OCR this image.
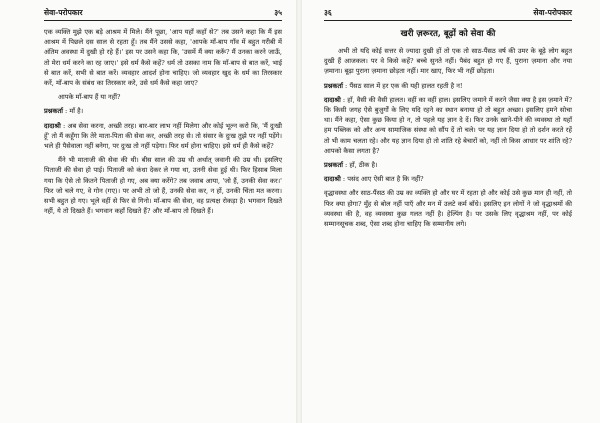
सेवा-परोपकार	३५

एक व्यक्ति मुझे एक बड़े आश्रम में मिले। मैंने पूछा, 'आप यहाँ कहाँ से?' तब उसने कहा कि मैं इस आश्रम में पिछले दस साल से रहता हूँ। तब मैंने उससे कहा, 'आपके माँ-बाप गाँव में बहुत गरीबी में अंतिम अवस्था में दुखी हो रहे हैं।' इस पर उसने कहा कि, 'उसमें मैं क्या करूँ? मैं उनका करने जाऊँ, तो मेरा धर्म करने का रह जाए।' इसे धर्म कैसे कहें? धर्म तो उसका नाम कि माँ-बाप से बात करें, भाई से बात करें, सभी से बात करें। व्यवहार आदर्श होना चाहिए। जो व्यवहार खुद के धर्म का तिरस्कार करें, माँ-बाप के संबंध का तिरस्कार करे, उसे धर्म कैसे कहा जाए?

आपके माँ-बाप हैं या नहीं?

प्रश्नकर्ता : माँ है।

दादाश्री : अब सेवा करना, अच्छी तरह। बार-बार लाभ नहीं मिलेगा और कोई भूल्न करो कि, 'मैं दुःखी हूँ' तो मैं कहूँगा कि तेरे माता-पिता की सेवा कर, अच्छी तरह से। तो संसार के दुःख तुझे पर नहीं पड़ेंगे। भले ही पैसेवाला नहीं बनेगा, पर दुःख तो नहीं पड़ेगा। फिर धर्म होना चाहिए। इसे धर्म ही कैसे कहें?

मैंने भी माताजी की सेवा की थी। बीस साल की उम्र थी अर्थात् जवानी की उम्र थी। इसलिए पिताजी की सेवा हो पाई। पिताजी को कंधा देकर ले गया था, उतनी सेवा हुई थी। फिर हिसाब मिला गया कि ऐसे तो कितने पिताजी हो गए, अब क्या करेंगे? तब जवाब आया, 'जो हैं, उनकी सेवा कर।' फिर जो चले गए, वे गोन (गए)। पर अभी तो जो हैं, उनकी सेवा कर, न हों, उनकी चिंता मत करना। सभी बहुत हो गए। भूले वहीं से फिर से गिनो। माँ-बाप की सेवा, वह प्रत्यक्ष रोकड़ा है। भगवान दिखते नहीं, ये तो दिखते हैं। भगवान कहाँ दिखते हैं? और माँ-बाप तो दिखते हैं।

३६	सेवा-परोपकार
खरी ज़रूरत, बूढ़ों को सेवा की

अभी तो यदि कोई सत्तर से ज्यादा दुखी हों तो एक तो साठ-पैंसठ वर्ष की उमर के बूढ़े लोग बहुत दुखी हैं आजकल। पर वे किसे कहें? बच्चे सुनते नहीं। पैबंद बहुत हो गए हैं, पुराना ज़माना और नया ज़माना। बूढ़ा पुराना ज़माना छोड़ता नहीं। मार खाए, फिर भी नहीं छोड़ता।

प्रश्नकर्ता : पैंसठ साल में हर एक की यही हालत रहती है न!

दादाश्री : हाँ, वैसी की वैसी हालत। वहीं का वहीं हाल। इसलिए जमाने में करने जैसा क्या है इस ज़माने में? कि किसी जगह ऐसे बुजुर्गों के लिए यदि रहने का स्थान बनाया हो तो बहुत अच्छा। इसलिए हमने सोचा था। मैंने कहा, ऐसा कुछ किया हो न, तो पहले यह ज्ञान दे दें। फिर उनके खाने-पीने की व्यवस्था तो यहाँ हम पब्लिक को और अन्य सामाजिक संस्था को सौंप दें तो चले। पर यह ज्ञान दिया हो तो दर्शन करते रहें तो भी काम चलता रहे। और यह ज्ञान दिया हो तो शांति रहे बेचारों को, नहीं तो किस आधार पर शांति रहे? आपको कैसा लगता है?

प्रश्नकर्ता : हाँ, ठीक है।

दादाश्री : पसंद आए ऐसी बात है कि नहीं?

वृद्धावस्था और साठ-पैंसठ की उम्र का व्यक्ति हो और घर में रहता हो और कोई उसे कुछ मान ही नहीं, तो फिर क्या होगा? मुँह से बोल नहीं पाएँ और मन में उलटे कर्म बाँधे। इसलिए इन लोगों ने जो वृद्धाश्रमों की व्यवस्था की है, वह व्यवस्था कुछ गलत नहीं है। हेल्पिंग है। पर उसके लिए वृद्धाश्रम नहीं, पर कोई सम्मानसूचक शब्द, ऐसा शब्द होना चाहिए कि सम्मानीय लगे।
